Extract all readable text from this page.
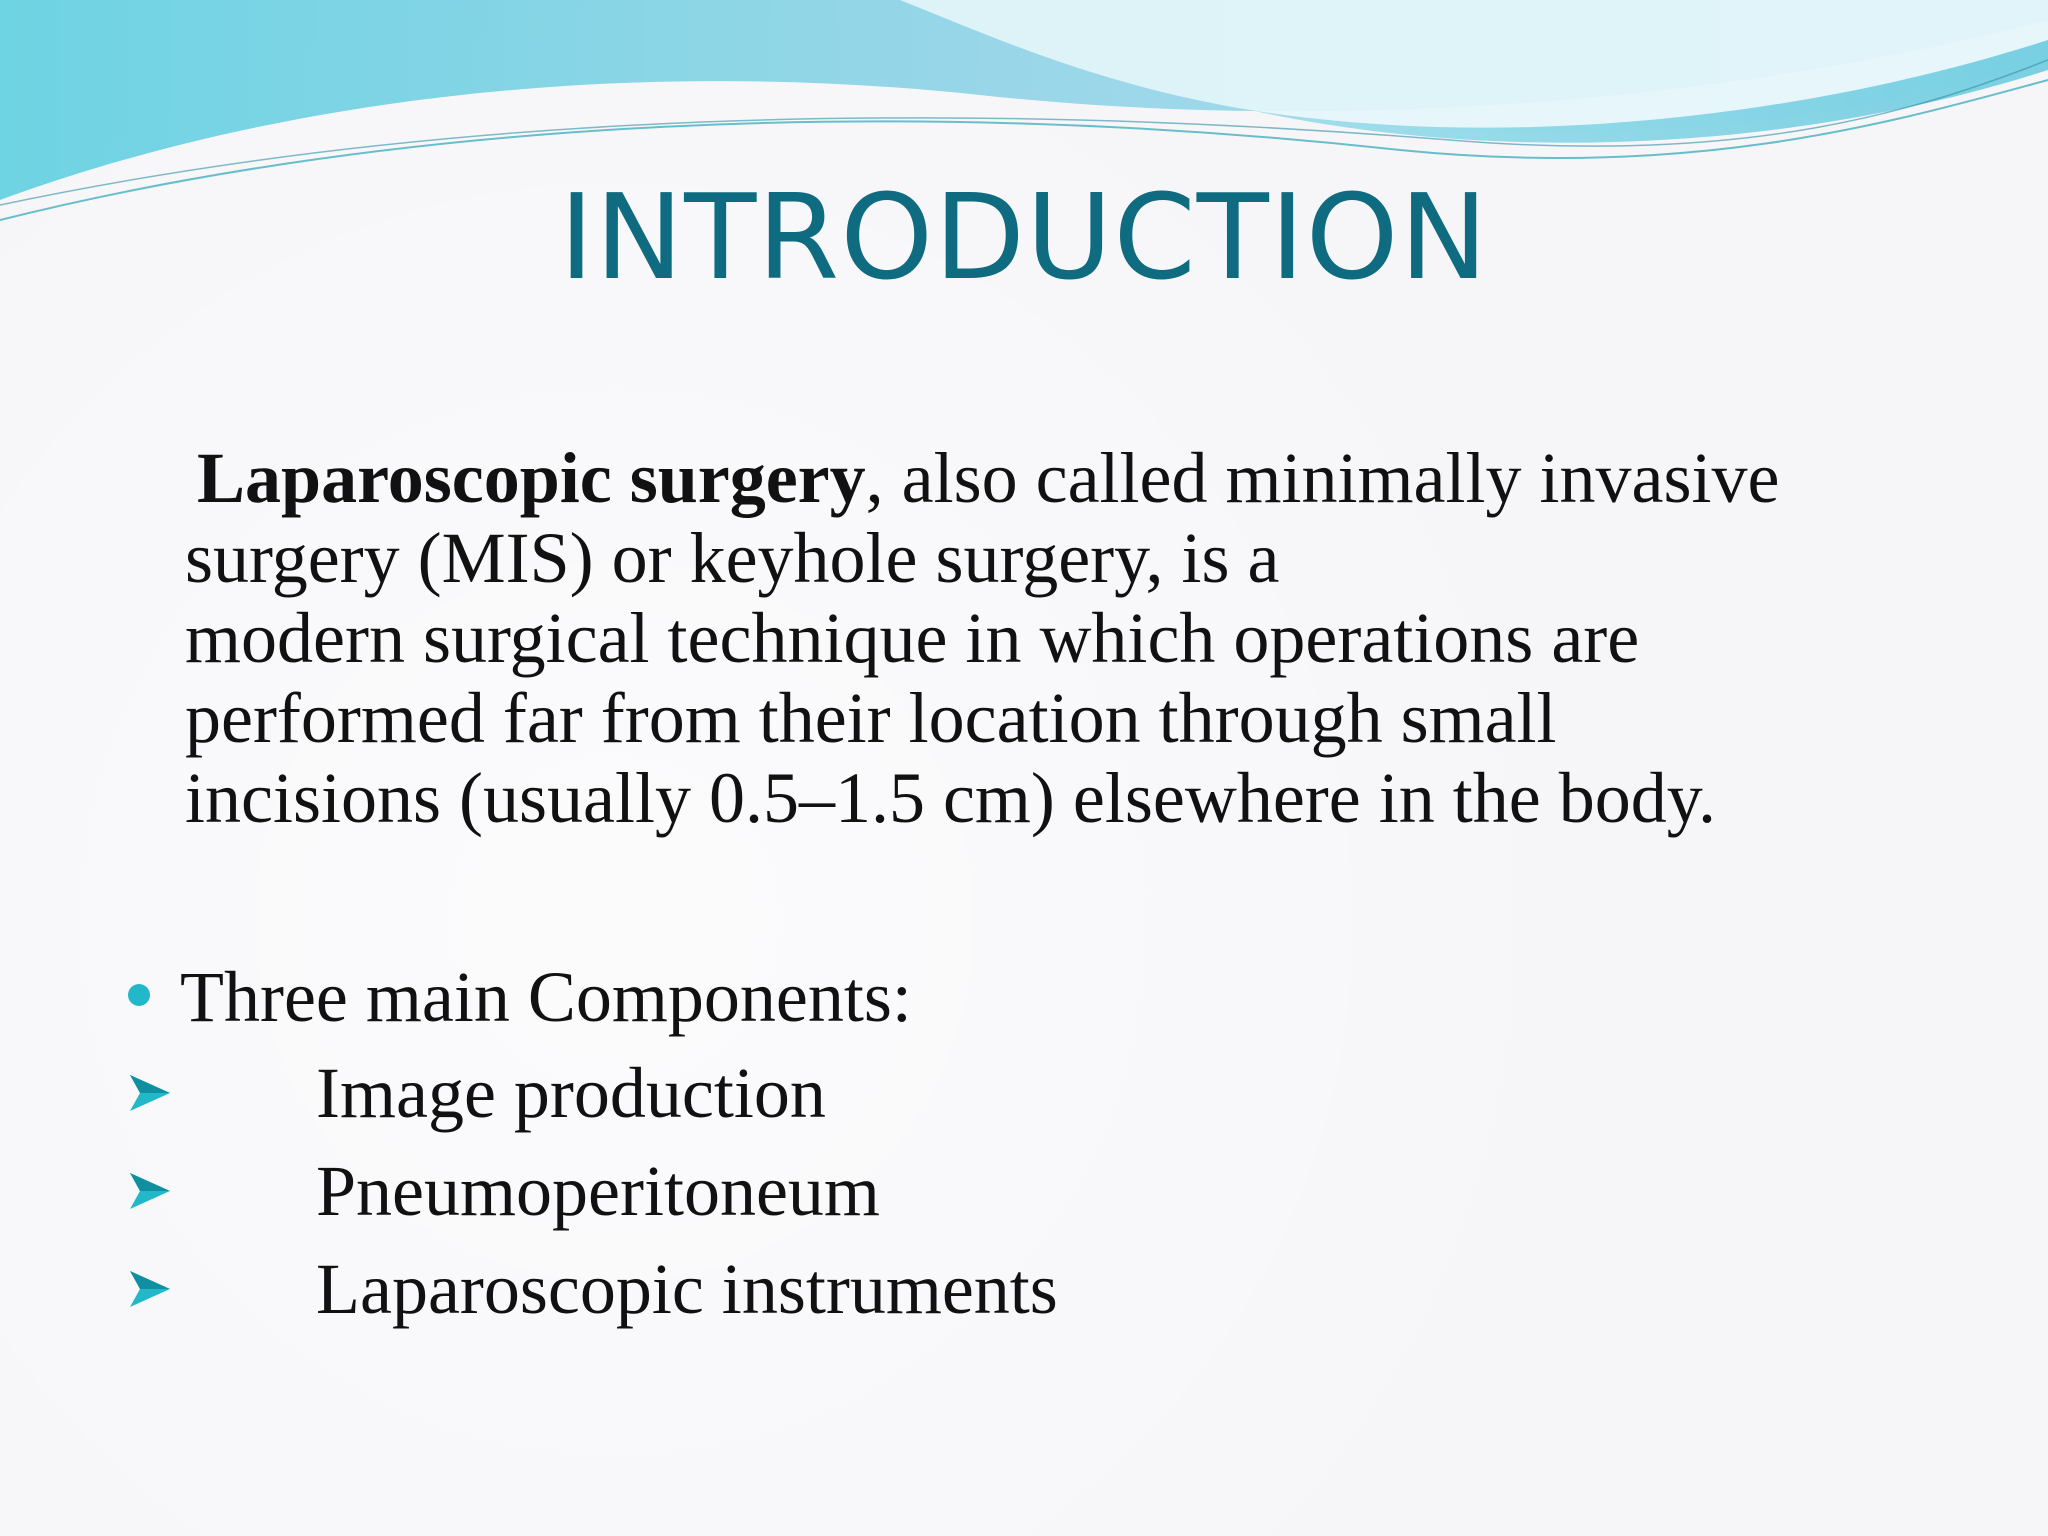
INTRODUCTION
Laparoscopic surgery, also called minimally invasive
surgery (MIS) or keyhole surgery, is a
modern surgical technique in which operations are
performed far from their location through small
incisions (usually 0.5–1.5 cm) elsewhere in the body.
Three main Components:
Image production
Pneumoperitoneum
Laparoscopic instruments
